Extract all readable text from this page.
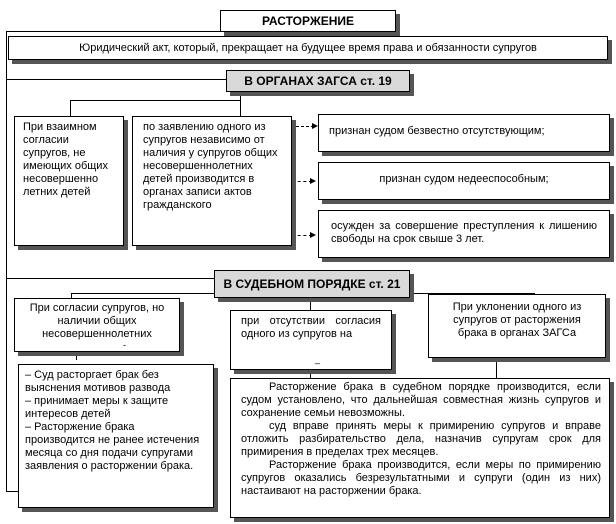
РАСТОРЖЕНИЕ
Юридический акт, который, прекращает на будущее время права и обязанности супругов
В ОРГАНАХ ЗАГСА ст. 19
При взаимном согласии супругов, не имеющих общих несовершенно летних детей
по заявлению одного из супругов независимо от наличия у супругов общих несовершеннолетних детей производится в органах записи актов гражданского
признан судом безвестно отсутствующим;
признан судом недееспособным;
осужден за совершение преступления к лишению свободы на срок свыше 3 лет.
В СУДЕБНОМ ПОРЯДКЕ ст. 21
При согласии супругов, но наличии общих несовершеннолетних
-
при отсутствии согласия одного из супругов на
_
При уклонении одного из супругов от расторжения брака в органах ЗАГСа

– Суд расторгает брак без выяснения мотивов развода

– принимает меры к защите интересов детей

– Расторжение брака производится не ранее истечения месяца со дня подачи супругами заявления о расторжении брака.

Расторжение брака в судебном порядке производится, если судом установлено, что дальнейшая совместная жизнь супругов и сохранение семьи невозможны.

суд вправе принять меры к примирению супругов и вправе отложить разбирательство дела, назначив супругам срок для примирения в пределах трех месяцев.

Расторжение брака производится, если меры по примирению супругов оказались безрезультатными и супруги (один из них) настаивают на расторжении брака.
